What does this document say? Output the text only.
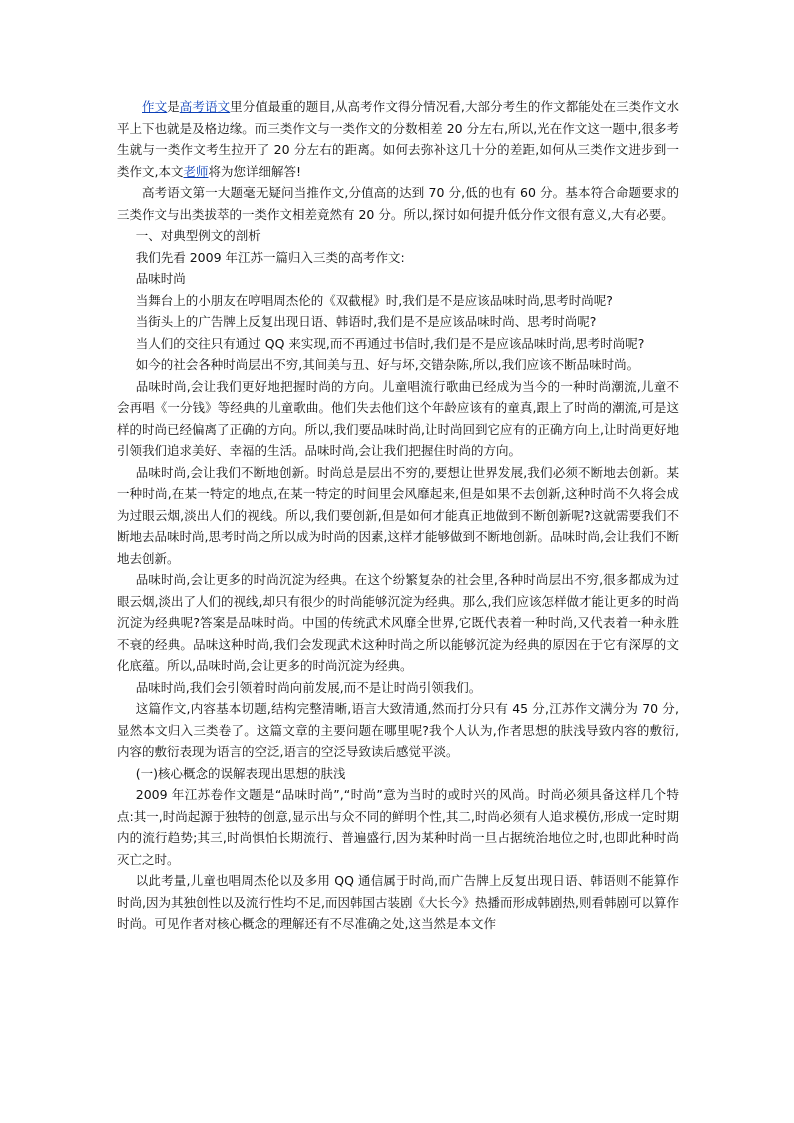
作文是高考语文里分值最重的题目,从高考作文得分情况看,大部分考生的作文都能处在三类作文水平上下也就是及格边缘。而三类作文与一类作文的分数相差 20 分左右,所以,光在作文这一题中,很多考生就与一类作文考生拉开了 20 分左右的距离。如何去弥补这几十分的差距,如何从三类作文进步到一类作文,本文老师将为您详细解答!

高考语文第一大题毫无疑问当推作文,分值高的达到 70 分,低的也有 60 分。基本符合命题要求的三类作文与出类拔萃的一类作文相差竟然有 20 分。所以,探讨如何提升低分作文很有意义,大有必要。

一、对典型例文的剖析

我们先看 2009 年江苏一篇归入三类的高考作文:

品味时尚

当舞台上的小朋友在哼唱周杰伦的《双截棍》时,我们是不是应该品味时尚,思考时尚呢?

当街头上的广告牌上反复出现日语、韩语时,我们是不是应该品味时尚、思考时尚呢?

当人们的交往只有通过 QQ 来实现,而不再通过书信时,我们是不是应该品味时尚,思考时尚呢?

如今的社会各种时尚层出不穷,其间美与丑、好与坏,交错杂陈,所以,我们应该不断品味时尚。

品味时尚,会让我们更好地把握时尚的方向。儿童唱流行歌曲已经成为当今的一种时尚潮流,儿童不会再唱《一分钱》等经典的儿童歌曲。他们失去他们这个年龄应该有的童真,跟上了时尚的潮流,可是这样的时尚已经偏离了正确的方向。所以,我们要品味时尚,让时尚回到它应有的正确方向上,让时尚更好地引领我们追求美好、幸福的生活。品味时尚,会让我们把握住时尚的方向。

品味时尚,会让我们不断地创新。时尚总是层出不穷的,要想让世界发展,我们必须不断地去创新。某一种时尚,在某一特定的地点,在某一特定的时间里会风靡起来,但是如果不去创新,这种时尚不久将会成为过眼云烟,淡出人们的视线。所以,我们要创新,但是如何才能真正地做到不断创新呢?这就需要我们不断地去品味时尚,思考时尚之所以成为时尚的因素,这样才能够做到不断地创新。品味时尚,会让我们不断地去创新。

品味时尚,会让更多的时尚沉淀为经典。在这个纷繁复杂的社会里,各种时尚层出不穷,很多都成为过眼云烟,淡出了人们的视线,却只有很少的时尚能够沉淀为经典。那么,我们应该怎样做才能让更多的时尚沉淀为经典呢?答案是品味时尚。中国的传统武术风靡全世界,它既代表着一种时尚,又代表着一种永胜不衰的经典。品味这种时尚,我们会发现武术这种时尚之所以能够沉淀为经典的原因在于它有深厚的文化底蕴。所以,品味时尚,会让更多的时尚沉淀为经典。

品味时尚,我们会引领着时尚向前发展,而不是让时尚引领我们。

这篇作文,内容基本切题,结构完整清晰,语言大致清通,然而打分只有 45 分,江苏作文满分为 70 分,显然本文归入三类卷了。这篇文章的主要问题在哪里呢?我个人认为,作者思想的肤浅导致内容的敷衍,内容的敷衍表现为语言的空泛,语言的空泛导致读后感觉平淡。

(一)核心概念的误解表现出思想的肤浅

2009 年江苏卷作文题是“品味时尚”,“时尚”意为当时的或时兴的风尚。时尚必须具备这样几个特点:其一,时尚起源于独特的创意,显示出与众不同的鲜明个性,其二,时尚必须有人追求模仿,形成一定时期内的流行趋势;其三,时尚惧怕长期流行、普遍盛行,因为某种时尚一旦占据统治地位之时,也即此种时尚灭亡之时。

以此考量,儿童也唱周杰伦以及多用 QQ 通信属于时尚,而广告牌上反复出现日语、韩语则不能算作时尚,因为其独创性以及流行性均不足,而因韩国古装剧《大长今》热播而形成韩剧热,则看韩剧可以算作时尚。可见作者对核心概念的理解还有不尽准确之处,这当然是本文作
